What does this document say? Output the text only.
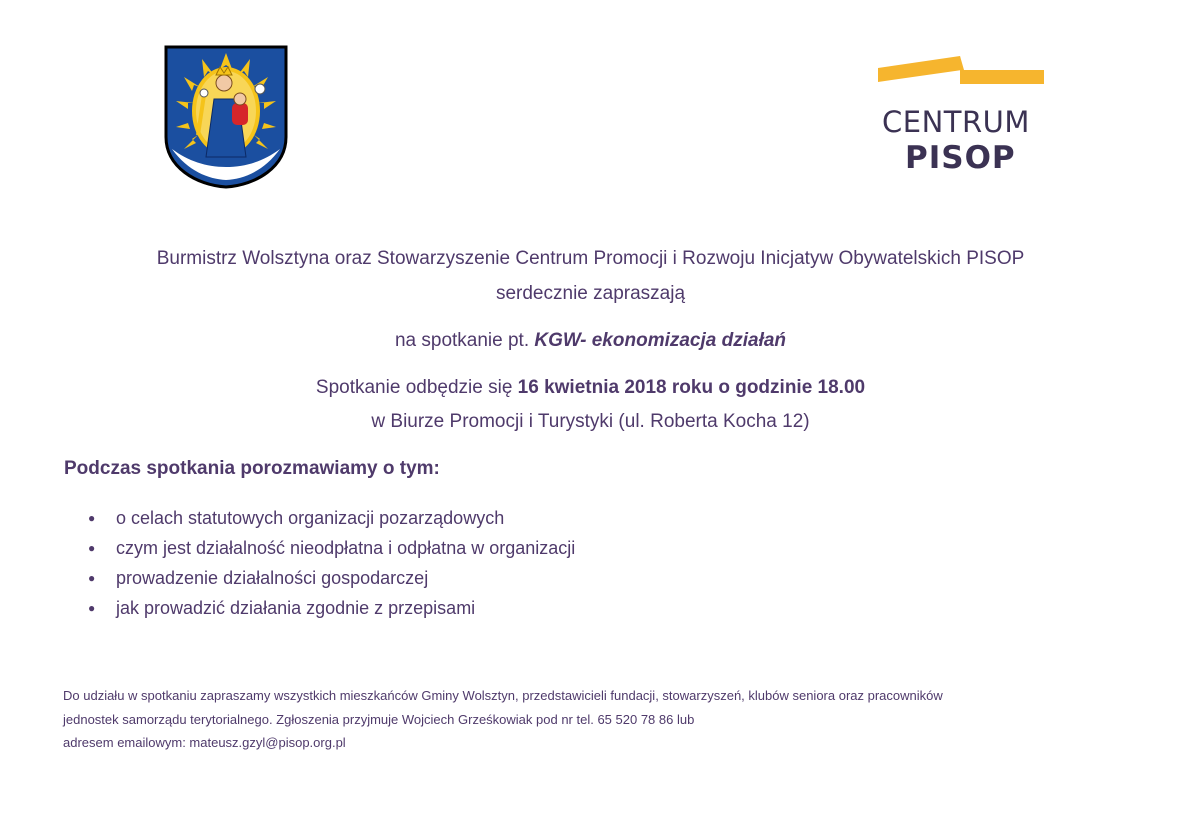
CENTRUM
PISOP
Burmistrz Wolsztyna oraz Stowarzyszenie Centrum Promocji i Rozwoju Inicjatyw Obywatelskich PISOP
serdecznie zapraszają
na spotkanie pt. KGW- ekonomizacja działań
Spotkanie odbędzie się 16 kwietnia 2018 roku o godzinie 18.00
w Biurze Promocji i Turystyki (ul. Roberta Kocha 12)
Podczas spotkania porozmawiamy o tym:
●	o celach statutowych organizacji pozarządowych
●	czym jest działalność nieodpłatna i odpłatna w organizacji
●	prowadzenie działalności gospodarczej
●	jak prowadzić działania zgodnie z przepisami
Do udziału w spotkaniu zapraszamy wszystkich mieszkańców Gminy Wolsztyn, przedstawicieli fundacji, stowarzyszeń, klubów seniora oraz pracowników
jednostek samorządu terytorialnego. Zgłoszenia przyjmuje Wojciech Grześkowiak pod nr tel. 65 520 78 86 lub
adresem emailowym: mateusz.gzyl@pisop.org.pl
